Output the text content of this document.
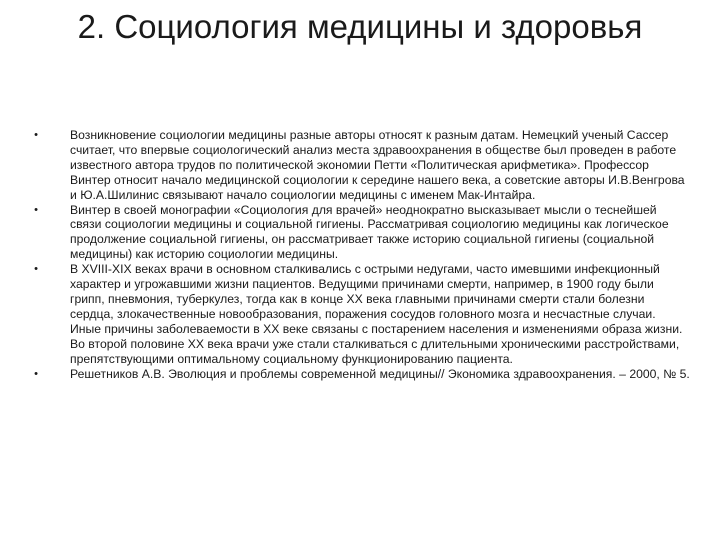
2. Социология медицины и здоровья
•	Возникновение социологии медицины разные авторы относят к разным датам. Немецкий ученый Сассер считает, что впервые социологический анализ места здравоохранения в обществе был проведен в работе известного автора трудов по политической экономии Петти «Политическая арифметика». Профессор Винтер относит начало медицинской социологии к середине нашего века, а советские авторы И.В.Венгрова и Ю.А.Шилинис связывают начало социологии медицины с именем Мак-Интайра.
•	Винтер в своей монографии «Социология для врачей» неоднократно высказывает мысли о теснейшей связи социологии медицины и социальной гигиены. Рассматривая социологию медицины как логическое продолжение социальной гигиены, он рассматривает также историю социальной гигиены (социальной медицины) как историю социологии медицины.
•	В XVIII-XIX веках врачи в основном сталкивались с острыми недугами, часто имевшими инфекционный характер и угрожавшими жизни пациентов. Ведущими причинами смерти, например, в 1900 году были грипп, пневмония, туберкулез, тогда как в конце XX века главными причинами смерти стали болезни сердца, злокачественные новообразования, поражения сосудов головного мозга и несчастные случаи. Иные причины заболеваемости в XX веке связаны с постарением населения и изменениями образа жизни. Во второй половине XX века врачи уже стали сталкиваться с длительными хроническими расстройствами, препятствующими оптимальному социальному функционированию пациента.
•	Решетников А.В. Эволюция и проблемы современной медицины// Экономика здравоохранения. – 2000, № 5.
